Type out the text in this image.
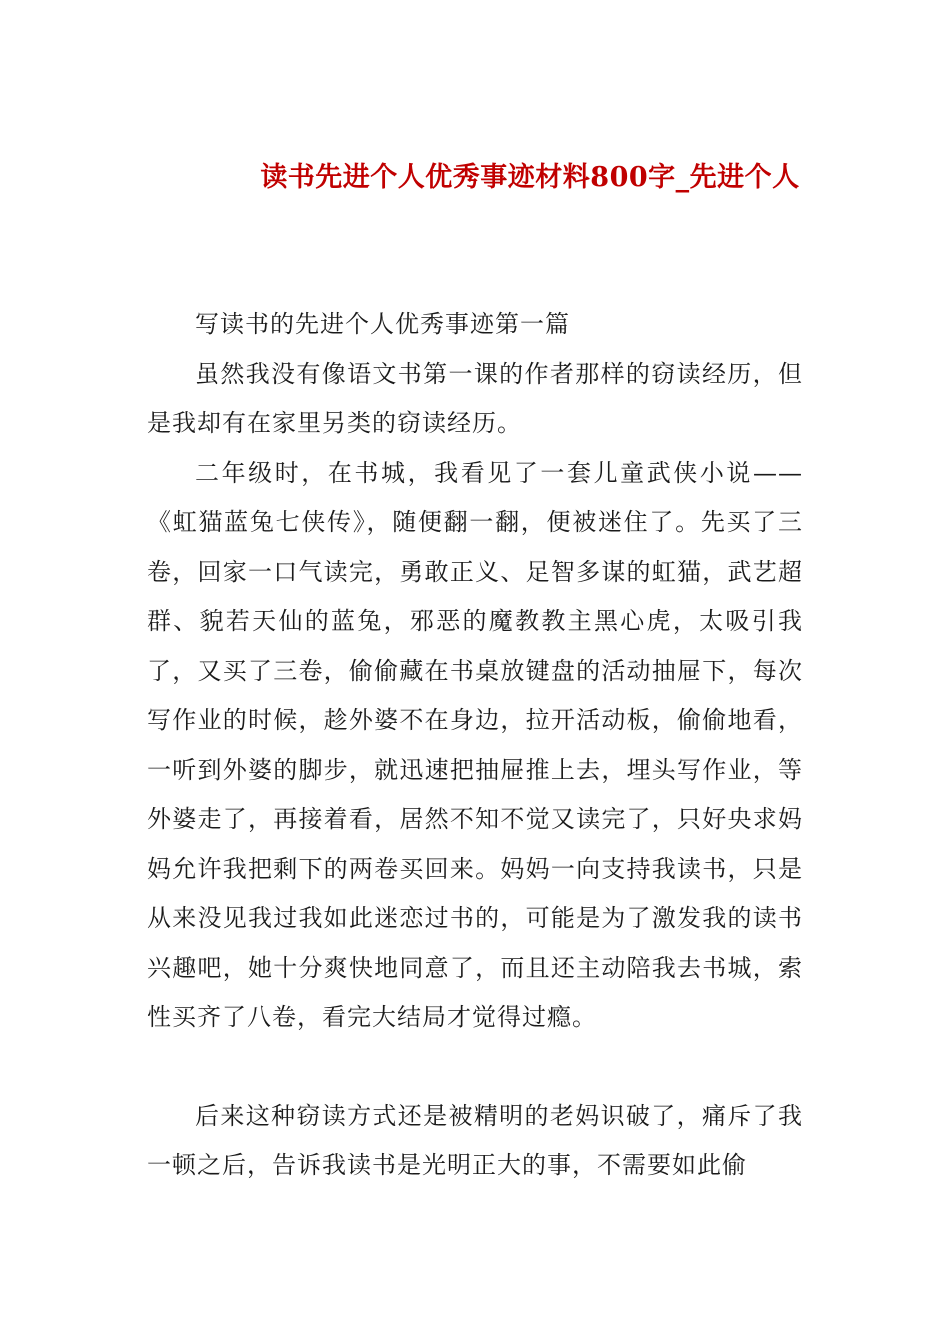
读书先进个人优秀事迹材料800字_先进个人

写读书的先进个人优秀事迹第一篇

虽然我没有像语文书第一课的作者那样的窃读经历，但是我却有在家里另类的窃读经历。

二年级时，在书城，我看见了一套儿童武侠小说——《虹猫蓝兔七侠传》，随便翻一翻，便被迷住了。先买了三卷，回家一口气读完，勇敢正义、足智多谋的虹猫，武艺超群、貌若天仙的蓝兔，邪恶的魔教教主黑心虎，太吸引我了，又买了三卷，偷偷藏在书桌放键盘的活动抽屉下，每次写作业的时候，趁外婆不在身边，拉开活动板，偷偷地看，一听到外婆的脚步，就迅速把抽屉推上去，埋头写作业，等外婆走了，再接着看，居然不知不觉又读完了，只好央求妈妈允许我把剩下的两卷买回来。妈妈一向支持我读书，只是从来没见我过我如此迷恋过书的，可能是为了激发我的读书兴趣吧，她十分爽快地同意了，而且还主动陪我去书城，索性买齐了八卷，看完大结局才觉得过瘾。

后来这种窃读方式还是被精明的老妈识破了，痛斥了我一顿之后，告诉我读书是光明正大的事，不需要如此偷
